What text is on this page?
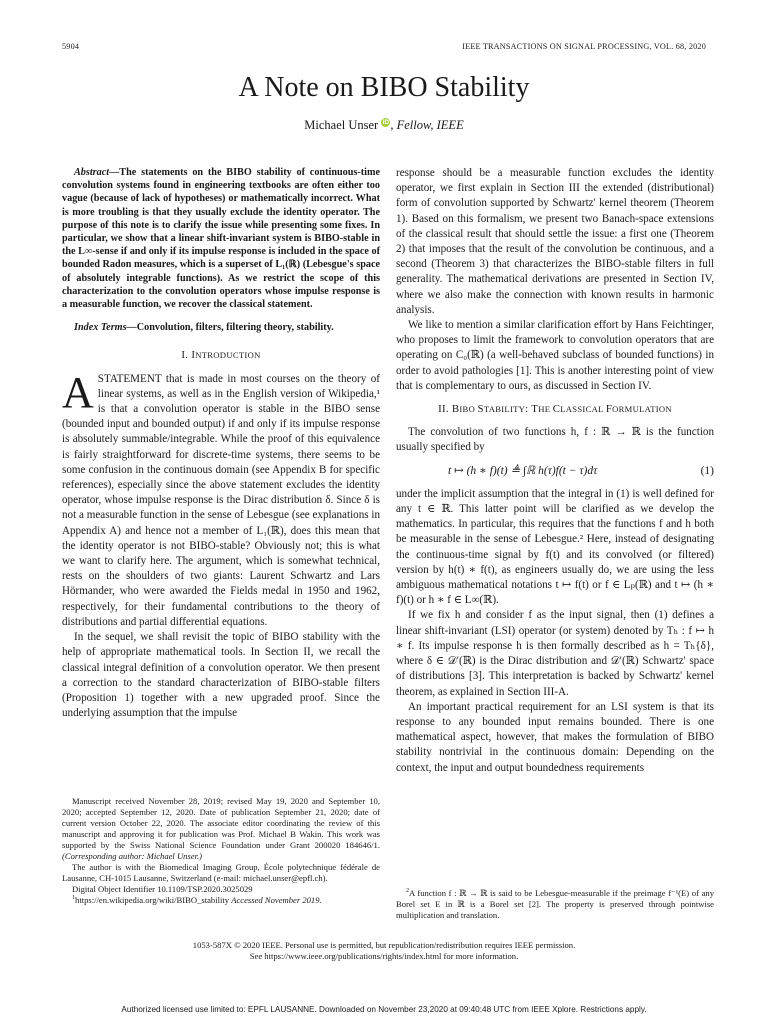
5904	IEEE TRANSACTIONS ON SIGNAL PROCESSING, VOL. 68, 2020
A Note on BIBO Stability
Michael Unser iD, Fellow, IEEE

Abstract—The statements on the BIBO stability of continuous-time convolution systems found in engineering textbooks are often either too vague (because of lack of hypotheses) or mathematically incorrect. What is more troubling is that they usually exclude the identity operator. The purpose of this note is to clarify the issue while presenting some fixes. In particular, we show that a linear shift-invariant system is BIBO-stable in the L∞-sense if and only if its impulse response is included in the space of bounded Radon measures, which is a superset of L₁(ℝ) (Lebesgue's space of absolutely integrable functions). As we restrict the scope of this characterization to the convolution operators whose impulse response is a measurable function, we recover the classical statement.

Index Terms—Convolution, filters, filtering theory, stability.

I. INTRODUCTION

ASTATEMENT that is made in most courses on the theory of linear systems, as well as in the English version of Wikipedia,¹ is that a convolution operator is stable in the BIBO sense (bounded input and bounded output) if and only if its impulse response is absolutely summable/integrable. While the proof of this equivalence is fairly straightforward for discrete-time systems, there seems to be some confusion in the continuous domain (see Appendix B for specific references), especially since the above statement excludes the identity operator, whose impulse response is the Dirac distribution δ. Since δ is not a measurable function in the sense of Lebesgue (see explanations in Appendix A) and hence not a member of L₁(ℝ), does this mean that the identity operator is not BIBO-stable? Obviously not; this is what we want to clarify here. The argument, which is somewhat technical, rests on the shoulders of two giants: Laurent Schwartz and Lars Hörmander, who were awarded the Fields medal in 1950 and 1962, respectively, for their fundamental contributions to the theory of distributions and partial differential equations.

In the sequel, we shall revisit the topic of BIBO stability with the help of appropriate mathematical tools. In Section II, we recall the classical integral definition of a convolution operator. We then present a correction to the standard characterization of BIBO-stable filters (Proposition 1) together with a new upgraded proof. Since the underlying assumption that the impulse

response should be a measurable function excludes the identity operator, we first explain in Section III the extended (distributional) form of convolution supported by Schwartz' kernel theorem (Theorem 1). Based on this formalism, we present two Banach-space extensions of the classical result that should settle the issue: a first one (Theorem 2) that imposes that the result of the convolution be continuous, and a second (Theorem 3) that characterizes the BIBO-stable filters in full generality. The mathematical derivations are presented in Section IV, where we also make the connection with known results in harmonic analysis.

We like to mention a similar clarification effort by Hans Feichtinger, who proposes to limit the framework to convolution operators that are operating on C₀(ℝ) (a well-behaved subclass of bounded functions) in order to avoid pathologies [1]. This is another interesting point of view that is complementary to ours, as discussed in Section IV.

II. BIBO STABILITY: THE CLASSICAL FORMULATION

The convolution of two functions h, f : ℝ → ℝ is the function usually specified by

t ↦ (h ∗ f)(t) ≜ ∫ℝ h(τ)f(t − τ)dτ	(1)

under the implicit assumption that the integral in (1) is well defined for any t ∈ ℝ. This latter point will be clarified as we develop the mathematics. In particular, this requires that the functions f and h both be measurable in the sense of Lebesgue.² Here, instead of designating the continuous-time signal by f(t) and its convolved (or filtered) version by h(t) ∗ f(t), as engineers usually do, we are using the less ambiguous mathematical notations t ↦ f(t) or f ∈ Lₚ(ℝ) and t ↦ (h ∗ f)(t) or h ∗ f ∈ L∞(ℝ).

If we fix h and consider f as the input signal, then (1) defines a linear shift-invariant (LSI) operator (or system) denoted by Tₕ : f ↦ h ∗ f. Its impulse response h is then formally described as h = Tₕ{δ}, where δ ∈ 𝒟′(ℝ) is the Dirac distribution and 𝒟′(ℝ) Schwartz' space of distributions [3]. This interpretation is backed by Schwartz' kernel theorem, as explained in Section III-A.

An important practical requirement for an LSI system is that its response to any bounded input remains bounded. There is one mathematical aspect, however, that makes the formulation of BIBO stability nontrivial in the continuous domain: Depending on the context, the input and output boundedness requirements

Manuscript received November 28, 2019; revised May 19, 2020 and September 10, 2020; accepted September 12, 2020. Date of publication September 21, 2020; date of current version October 22, 2020. The associate editor coordinating the review of this manuscript and approving it for publication was Prof. Michael B Wakin. This work was supported by the Swiss National Science Foundation under Grant 200020 184646/1. (Corresponding author: Michael Unser.)

The author is with the Biomedical Imaging Group, École polytechnique fédérale de Lausanne, CH-1015 Lausanne, Switzerland (e-mail: michael.unser@epfl.ch).

Digital Object Identifier 10.1109/TSP.2020.3025029

$^1$https://en.wikipedia.org/wiki/BIBO_stability Accessed November 2019.

$^2$A function f : ℝ → ℝ is said to be Lebesgue-measurable if the preimage f⁻¹(E) of any Borel set E in ℝ is a Borel set [2]. The property is preserved through pointwise multiplication and translation.

1053-587X © 2020 IEEE. Personal use is permitted, but republication/redistribution requires IEEE permission.
See https://www.ieee.org/publications/rights/index.html for more information.
Authorized licensed use limited to: EPFL LAUSANNE. Downloaded on November 23,2020 at 09:40:48 UTC from IEEE Xplore. Restrictions apply.
